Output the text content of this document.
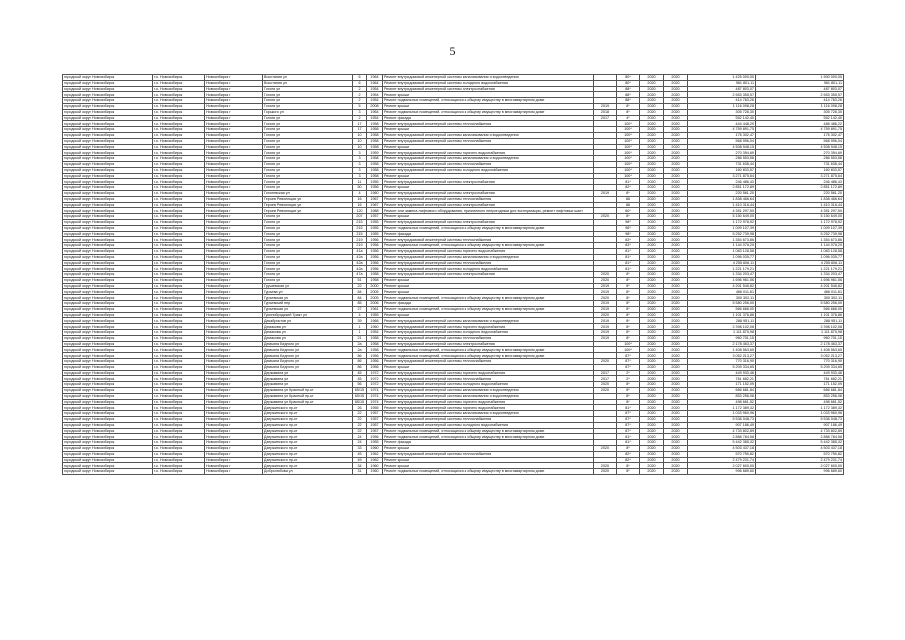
5
городской округ Новосибирск	г.о. Новосибирск	Новосибирск г	Восстания ул	6	1964	Ремонт внутридомовой инженерной системы канализования и водоотведения		80*	2020	2020	1 425 000,00	1 500 000,00
городской округ Новосибирск	г.о. Новосибирск	Новосибирск г	Восстания ул	6	1964	Ремонт внутридомовой инженерной системы холодного водоснабжения		80*	2020	2020	961 801,11	961 801,11
городской округ Новосибирск	г.о. Новосибирск	Новосибирск г	Гоголя ул	2	1954	Ремонт внутридомовой инженерной системы электроснабжения		88*	2020	2020	487 803,07	487 803,07
городской округ Новосибирск	г.о. Новосибирск	Новосибирск г	Гоголя ул	2	1954	Ремонт крыши		88*	2020	2020	2 553 355,57	2 553 355,57
городской округ Новосибирск	г.о. Новосибирск	Новосибирск г	Гоголя ул	2	1954	Ремонт подвальных помещений, относящихся к общему имуществу в многоквартирном доме		88*	2020	2020	414 763,26	414 763,26
городской округ Новосибирск	г.о. Новосибирск	Новосибирск г	Гоголя ул	5	2008	Ремонт крыши	2019	8*	2020	2020	1 116 098,28	1 116 098,28
городской округ Новосибирск	г.о. Новосибирск	Новосибирск г	Горького ул	3	1964	Ремонт подвальных помещений, относящихся к общему имуществу в многоквартирном доме	2018	8*	2020	2020	305 728,30	305 728,30
городской округ Новосибирск	г.о. Новосибирск	Новосибирск г	Гоголя ул	2	1954	Ремонт фасада	2017	4*	2020	2020	552 142,40	552 142,40
городской округ Новосибирск	г.о. Новосибирск	Новосибирск г	Гоголя ул	17	1958	Ремонт внутридомовой инженерной системы теплоснабжения		100*	2020	2020	444 448,29	488 486,22
городской округ Новосибирск	г.о. Новосибирск	Новосибирск г	Гоголя ул	17	1958	Ремонт крыши		100*	2020	2020	4 759 891,75	4 759 891,75
городской округ Новосибирск	г.о. Новосибирск	Новосибирск г	Гоголя ул	10	1958	Ремонт внутридомовой инженерной системы канализования и водоотведения		100*	2020	2020	176 302,47	176 302,47
городской округ Новосибирск	г.о. Новосибирск	Новосибирск г	Гоголя ул	10	1958	Ремонт внутридомовой инженерной системы теплоснабжения		100*	2020	2020	568 996,04	568 996,04
городской округ Новосибирск	г.о. Новосибирск	Новосибирск г	Гоголя ул	10	1958	Ремонт крыши		100*	2020	2020	4 508 948,15	4 508 948,15
городской округ Новосибирск	г.о. Новосибирск	Новосибирск г	Гоголя ул	3	1959	Ремонт внутридомовой инженерной системы горячего водоснабжения		100*	2020	2020	270 394,69	270 394,69
городской округ Новосибирск	г.о. Новосибирск	Новосибирск г	Гоголя ул	3	1958	Ремонт внутридомовой инженерной системы канализования и водоотведения		100*	2020	2020	286 553,58	286 553,58
городской округ Новосибирск	г.о. Новосибирск	Новосибирск г	Гоголя ул	3	1958	Ремонт внутридомовой инженерной системы теплоснабжения		100*	2020	2020	731 638,44	731 638,44
городской округ Новосибирск	г.о. Новосибирск	Новосибирск г	Гоголя ул	3	1958	Ремонт внутридомовой инженерной системы холодного водоснабжения		100*	2020	2020	160 833,57	160 833,57
городской округ Новосибирск	г.о. Новосибирск	Новосибирск г	Гоголя ул	3	1958	Ремонт крыши		100*	2020	2020	3 271 875,64	3 271 875,64
городской округ Новосибирск	г.о. Новосибирск	Новосибирск г	Гоголя ул	11	1955	Ремонт внутридомовой инженерной системы электроснабжения		81*	2020	2020	246 486,43	246 486,43
городской округ Новосибирск	г.о. Новосибирск	Новосибирск г	Гоголя ул	50	1956	Ремонт крыши		82*	2020	2020	2 851 172,89	2 851 172,89
городской округ Новосибирск	г.о. Новосибирск	Новосибирск г	Гоголевская ул	4	1960	Ремонт внутридомовой инженерной системы электроснабжения	2019	8*	2020	2020	220 561,20	220 561,20
городской округ Новосибирск	г.о. Новосибирск	Новосибирск г	Героев Революции ул	16	1967	Ремонт внутридомовой инженерной системы теплоснабжения		86	2020	2020	1 838 466,64	1 838 466,64
городской округ Новосибирск	г.о. Новосибирск	Новосибирск г	Героев Революции ул	16	1967	Ремонт внутридомовой инженерной системы электроснабжения		86	2020	2020	1 410 316,44	1 410 316,44
городской округ Новосибирск	г.о. Новосибирск	Новосибирск г	Героев Революции ул	120	1988	Ремонт или замена лифтового оборудования, признанного непригодным для эксплуатации, ремонт лифтовых шахт		60*	2020	2020	4 351 297,50	4 351 297,50
городской округ Новосибирск	г.о. Новосибирск	Новосибирск г	Гоголя ул	207	1957	Ремонт крыши	2020	8*	2020	2020	5 150 649,00	5 150 649,00
городской округ Новосибирск	г.о. Новосибирск	Новосибирск г	Гоголя ул	215	1955	Ремонт внутридомовой инженерной системы электроснабжения		98*	2020	2020	1 172 978,92	1 172 978,92
городской округ Новосибирск	г.о. Новосибирск	Новосибирск г	Гоголя ул	215	1955	Ремонт подвальных помещений, относящихся к общему имуществу в многоквартирном доме		98*	2020	2020	1 009 107,39	1 009 107,39
городской округ Новосибирск	г.о. Новосибирск	Новосибирск г	Гоголя ул	215	1955	Ремонт фасада		98*	2020	2020	5 252 739,98	5 252 739,98
городской округ Новосибирск	г.о. Новосибирск	Новосибирск г	Гоголя ул	219	1956	Ремонт внутридомовой инженерной системы теплоснабжения		83*	2020	2020	1 354 673,86	1 354 673,86
городской округ Новосибирск	г.о. Новосибирск	Новосибирск г	Гоголя ул	219	1956	Ремонт подвальных помещений, относящихся к общему имуществу в многоквартирном доме		83*	2020	2020	1 144 078,20	1 144 078,20
городской округ Новосибирск	г.о. Новосибирск	Новосибирск г	Гоголя ул	41a	1956	Ремонт внутридомовой инженерной системы горячего водоснабжения		81*	2020	2020	1 083 128,58	1 083 128,58
городской округ Новосибирск	г.о. Новосибирск	Новосибирск г	Гоголя ул	42a	1956	Ремонт внутридомовой инженерной системы канализования и водоотведения		81*	2020	2020	1 096 035,77	1 096 035,77
городской округ Новосибирск	г.о. Новосибирск	Новосибирск г	Гоголя ул	42a	1956	Ремонт внутридомовой инженерной системы теплоснабжения		81*	2020	2020	4 255 606,11	4 255 606,11
городской округ Новосибирск	г.о. Новосибирск	Новосибирск г	Гоголя ул	42a	1956	Ремонт внутридомовой инженерной системы холодного водоснабжения		81*	2020	2020	1 221 179,21	1 221 179,21
городской округ Новосибирск	г.о. Новосибирск	Новосибирск г	Гоголя ул	47a	1958	Ремонт внутридомовой инженерной системы электроснабжения	2020	8*	2020	2020	1 334 203,47	1 334 203,47
городской округ Новосибирск	г.о. Новосибирск	Новосибирск г	Гоголя ул	51	1958	Ремонт крыши	2020	8*	2020	2020	1 696 961,56	1 696 961,56
городской округ Новосибирск	г.о. Новосибирск	Новосибирск г	Грушевская ул	22	2000	Ремонт крыши	2019	8*	2020	2020	4 201 546,82	4 201 546,82
городской округ Новосибирск	г.о. Новосибирск	Новосибирск г	Гурьева ул	84	2005	Ремонт крыши	2019	8*	2020	2020	466 011,61	466 011,61
городской округ Новосибирск	г.о. Новосибирск	Новосибирск г	Гурьевская ул	84	2005	Ремонт подвальных помещений, относящихся к общему имуществу в многоквартирном доме	2020	8*	2020	2020	300 302,11	300 302,11
городской округ Новосибирск	г.о. Новосибирск	Новосибирск г	Гурьевский пер	85	2006	Ремонт фасада	2019	8*	2020	2020	5 580 256,00	5 580 256,00
городской округ Новосибирск	г.о. Новосибирск	Новосибирск г	Гурьевская ул	27	1961	Ремонт подвальных помещений, относящихся к общему имуществу в многоквартирном доме	2019	8*	2020	2020	566 668,00	566 668,00
городской округ Новосибирск	г.о. Новосибирск	Новосибирск г	Гусинобродский Тракт ул	4	1955	Ремонт крыши	2020	8*	2020	2020	1 101 376,86	1 101 376,86
городской округ Новосибирск	г.о. Новосибирск	Новосибирск г	Декабристов ул	39	1968	Ремонт внутридомовой инженерной системы канализования и водоотведения	2019	8*	2020	2020	288 951,11	288 951,11
городской округ Новосибирск	г.о. Новосибирск	Новосибирск г	Демакова ул	1	1960	Ремонт внутридомовой инженерной системы горячего водоснабжения	2019	8*	2020	2020	2 398 102,08	2 398 102,08
городской округ Новосибирск	г.о. Новосибирск	Новосибирск г	Демакова ул	1	1954	Ремонт внутридомовой инженерной системы холодного водоснабжения	2019	8*	2020	2020	1 111 875,98	1 111 875,98
городской округ Новосибирск	г.о. Новосибирск	Новосибирск г	Демакова ул	21	1958	Ремонт внутридомовой инженерной системы теплоснабжения	2019	8*	2020	2020	960 701,15	960 701,15
городской округ Новосибирск	г.о. Новосибирск	Новосибирск г	Демьяна Бедного ул	2а	1958	Ремонт внутридомовой инженерной системы электроснабжения		100*	2020	2020	2 178 463,37	2 178 463,37
городской округ Новосибирск	г.о. Новосибирск	Новосибирск г	Демьяна Бедного ул	2а	1958	Ремонт подвальных помещений, относящихся к общему имуществу в многоквартирном доме		100*	2020	2020	1 408 563,65	1 408 563,65
городской округ Новосибирск	г.о. Новосибирск	Новосибирск г	Демьяна Бедного ул	86	1956	Ремонт подвальных помещений, относящихся к общему имуществу в многоквартирном доме		87*	2020	2020	3 052 213,27	3 052 213,27
городской округ Новосибирск	г.о. Новосибирск	Новосибирск г	Демьяна Бедного ул	86	1956	Ремонт внутридомовой инженерной системы теплоснабжения	2020	87*	2020	2020	770 316,90	770 316,90
городской округ Новосибирск	г.о. Новосибирск	Новосибирск г	Демьяна Бедного ул	86	1956	Ремонт крыши		87*	2020	2020	5 209 334,65	5 209 334,65
городской округ Новосибирск	г.о. Новосибирск	Новосибирск г	Державина ул	45	1972	Ремонт внутридомовой инженерной системы горячего водоснабжения	2017	2*	2020	2020	449 933,46	449 933,46
городской округ Новосибирск	г.о. Новосибирск	Новосибирск г	Державина ул	45	1972	Ремонт внутридомовой инженерной системы теплоснабжения	2017	2*	2020	2020	761 682,21	761 682,21
городской округ Новосибирск	г.о. Новосибирск	Новосибирск г	Державина ул	56	1972	Ремонт внутридомовой инженерной системы холодного водоснабжения	2020	8*	2020	2020	171 152,09	171 152,09
городской округ Новосибирск	г.о. Новосибирск	Новосибирск г	Державина ул Красный пр-кт	65/15	1974	Ремонт внутридомовой инженерной системы канализования и водоотведения	2020	8*	2020	2020	666 681,84	666 681,84
городской округ Новосибирск	г.о. Новосибирск	Новосибирск г	Державина ул Красный пр-кт	65/15	1974	Ремонт внутридомовой инженерной системы канализования и водоотведения		8*	2020	2020	853 256,08	853 256,08
городской округ Новосибирск	г.о. Новосибирск	Новосибирск г	Державина ул Красный пр-кт	65/15	1974	Ремонт внутридомовой инженерной системы горячего водоснабжения		8*	2020	2020	498 661,52	498 661,52
городской округ Новосибирск	г.о. Новосибирск	Новосибирск г	Дзержинского пр-кт	26	1955	Ремонт внутридомовой инженерной системы горячего водоснабжения		81*	2020	2020	1 172 389,32	1 172 389,32
городской округ Новосибирск	г.о. Новосибирск	Новосибирск г	Дзержинского пр-кт	22	1957	Ремонт внутридомовой инженерной системы канализования и водоотведения		87*	2020	2020	1 033 960,96	1 033 960,96
городской округ Новосибирск	г.о. Новосибирск	Новосибирск г	Дзержинского пр-кт	22	1957	Ремонт внутридомовой инженерной системы теплоснабжения		87*	2020	2020	5 536 048,73	5 536 048,73
городской округ Новосибирск	г.о. Новосибирск	Новосибирск г	Дзержинского пр-кт	22	1957	Ремонт внутридомовой инженерной системы холодного водоснабжения		87*	2020	2020	907 186,49	907 186,49
городской округ Новосибирск	г.о. Новосибирск	Новосибирск г	Дзержинского пр-кт	22	1957	Ремонт подвальных помещений, относящихся к общему имуществу в многоквартирном доме		87*	2020	2020	4 733 802,89	4 733 802,89
городской округ Новосибирск	г.о. Новосибирск	Новосибирск г	Дзержинского пр-кт	24	1956	Ремонт подвальных помещений, относящихся к общему имуществу в многоквартирном доме		81*	2020	2020	2 888 784,58	2 888 784,58
городской округ Новосибирск	г.о. Новосибирск	Новосибирск г	Дзержинского пр-кт	24	1955	Ремонт фасада		81*	2020	2020	5 442 385,32	5 442 385,32
городской округ Новосибирск	г.о. Новосибирск	Новосибирск г	Дзержинского пр-кт	33	1960	Ремонт крыши	2020	8*	2020	2020	4 503 437,18	4 503 437,18
городской округ Новосибирск	г.о. Новосибирск	Новосибирск г	Дзержинского пр-кт	45	1962	Ремонт внутридомовой инженерной системы теплоснабжения		82*	2020	2020	570 759,82	570 759,82
городской округ Новосибирск	г.о. Новосибирск	Новосибирск г	Дзержинского пр-кт	49	1962	Ремонт крыши		82*	2020	2020	2 479 231,74	2 479 231,74
городской округ Новосибирск	г.о. Новосибирск	Новосибирск г	Дзержинского пр-кт	34	1960	Ремонт крыши	2020	8*	2020	2020	2 027 600,00	2 027 600,00
городской округ Новосибирск	г.о. Новосибирск	Новосибирск г	Добролюбова ул	31	1960	Ремонт подвальных помещений, относящихся к общему имуществу в многоквартирном доме	2020	8*	2020	2020	996 689,60	996 689,60
